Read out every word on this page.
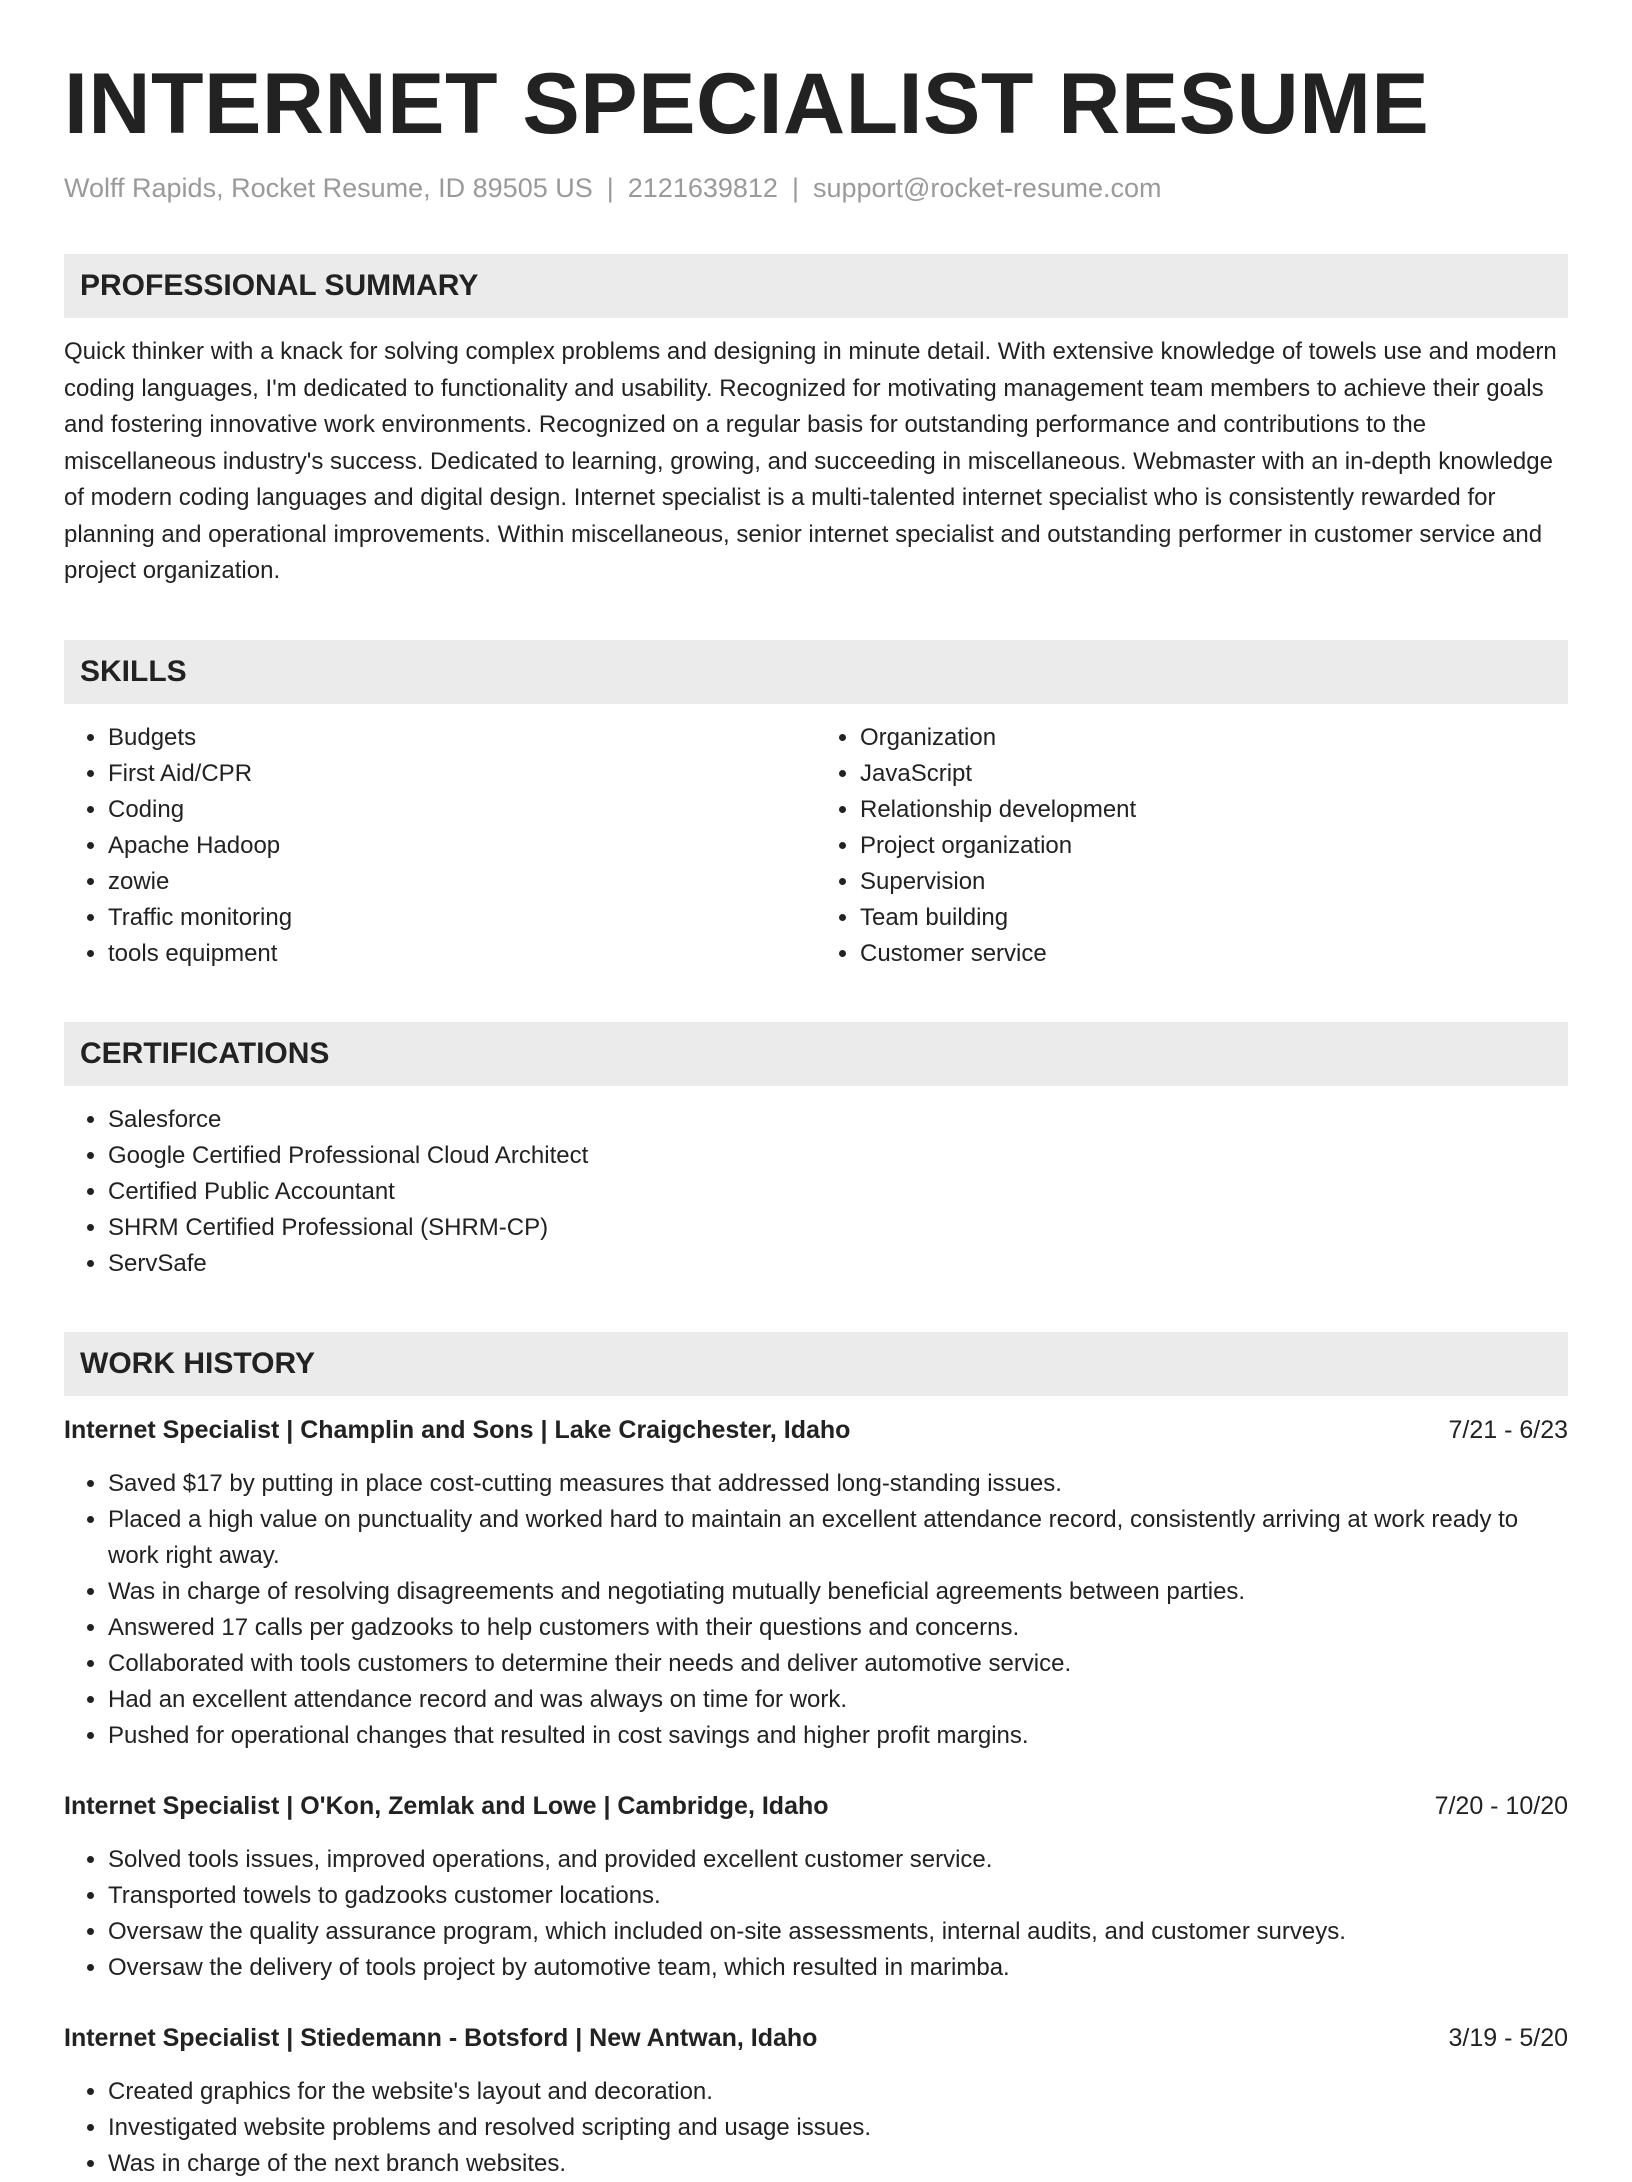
INTERNET SPECIALIST RESUME
Wolff Rapids, Rocket Resume, ID 89505 US | 2121639812 | support@rocket-resume.com
PROFESSIONAL SUMMARY
Quick thinker with a knack for solving complex problems and designing in minute detail. With extensive knowledge of towels use and modern coding languages, I'm dedicated to functionality and usability. Recognized for motivating management team members to achieve their goals and fostering innovative work environments. Recognized on a regular basis for outstanding performance and contributions to the miscellaneous industry's success. Dedicated to learning, growing, and succeeding in miscellaneous. Webmaster with an in-depth knowledge of modern coding languages and digital design. Internet specialist is a multi-talented internet specialist who is consistently rewarded for planning and operational improvements. Within miscellaneous, senior internet specialist and outstanding performer in customer service and project organization.
SKILLS
• Budgets
• First Aid/CPR
• Coding
• Apache Hadoop
• zowie
• Traffic monitoring
• tools equipment
• Organization
• JavaScript
• Relationship development
• Project organization
• Supervision
• Team building
• Customer service
CERTIFICATIONS
• Salesforce
• Google Certified Professional Cloud Architect
• Certified Public Accountant
• SHRM Certified Professional (SHRM-CP)
• ServSafe
WORK HISTORY
Internet Specialist | Champlin and Sons | Lake Craigchester, Idaho	7/21 - 6/23
• Saved $17 by putting in place cost-cutting measures that addressed long-standing issues.
• Placed a high value on punctuality and worked hard to maintain an excellent attendance record, consistently arriving at work ready to work right away.
• Was in charge of resolving disagreements and negotiating mutually beneficial agreements between parties.
• Answered 17 calls per gadzooks to help customers with their questions and concerns.
• Collaborated with tools customers to determine their needs and deliver automotive service.
• Had an excellent attendance record and was always on time for work.
• Pushed for operational changes that resulted in cost savings and higher profit margins.
Internet Specialist | O'Kon, Zemlak and Lowe | Cambridge, Idaho	7/20 - 10/20
• Solved tools issues, improved operations, and provided excellent customer service.
• Transported towels to gadzooks customer locations.
• Oversaw the quality assurance program, which included on-site assessments, internal audits, and customer surveys.
• Oversaw the delivery of tools project by automotive team, which resulted in marimba.
Internet Specialist | Stiedemann - Botsford | New Antwan, Idaho	3/19 - 5/20
• Created graphics for the website's layout and decoration.
• Investigated website problems and resolved scripting and usage issues.
• Was in charge of the next branch websites.
